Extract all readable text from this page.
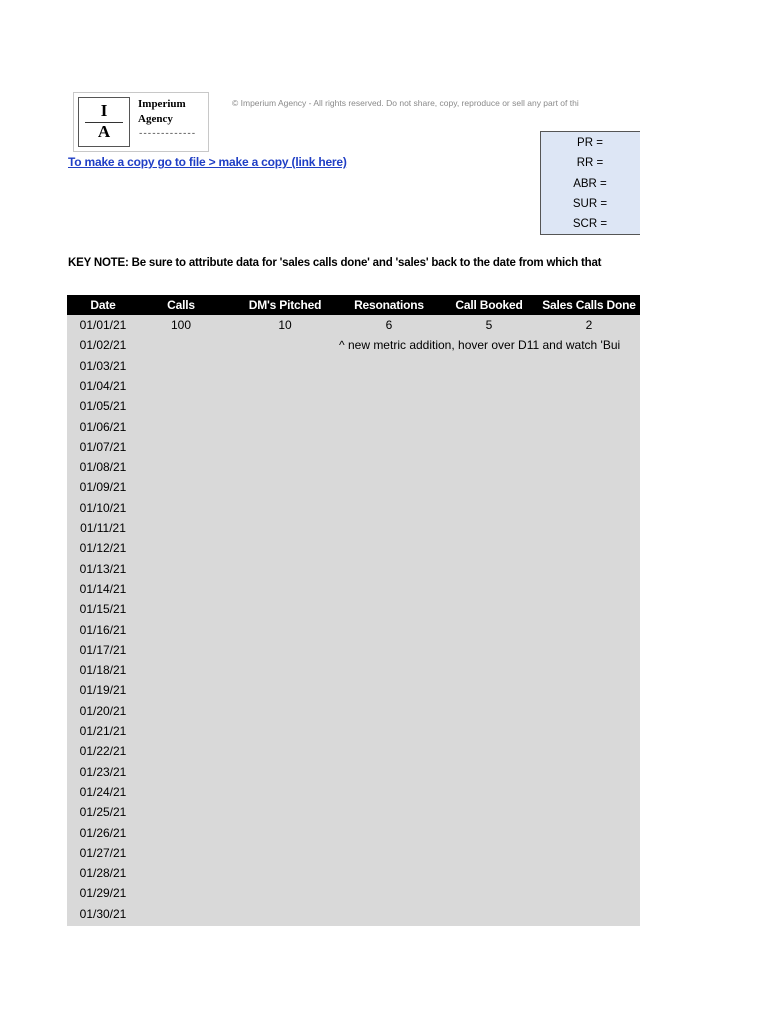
I
A
Imperium
Agency
-------------
© Imperium Agency - All rights reserved. Do not share, copy, reproduce or sell any part of thi
To make a copy go to file > make a copy (link here)
PR =
RR =
ABR =
SUR =
SCR =
KEY NOTE: Be sure to attribute data for 'sales calls done' and 'sales' back to the date from which that
Date	Calls	DM's Pitched	Resonations	Call Booked	Sales Calls Done
01/01/21	100	10	6	5	2
01/02/21	^ new metric addition, hover over D11 and watch 'Bui
01/03/21
01/04/21
01/05/21
01/06/21
01/07/21
01/08/21
01/09/21
01/10/21
01/11/21
01/12/21
01/13/21
01/14/21
01/15/21
01/16/21
01/17/21
01/18/21
01/19/21
01/20/21
01/21/21
01/22/21
01/23/21
01/24/21
01/25/21
01/26/21
01/27/21
01/28/21
01/29/21
01/30/21
